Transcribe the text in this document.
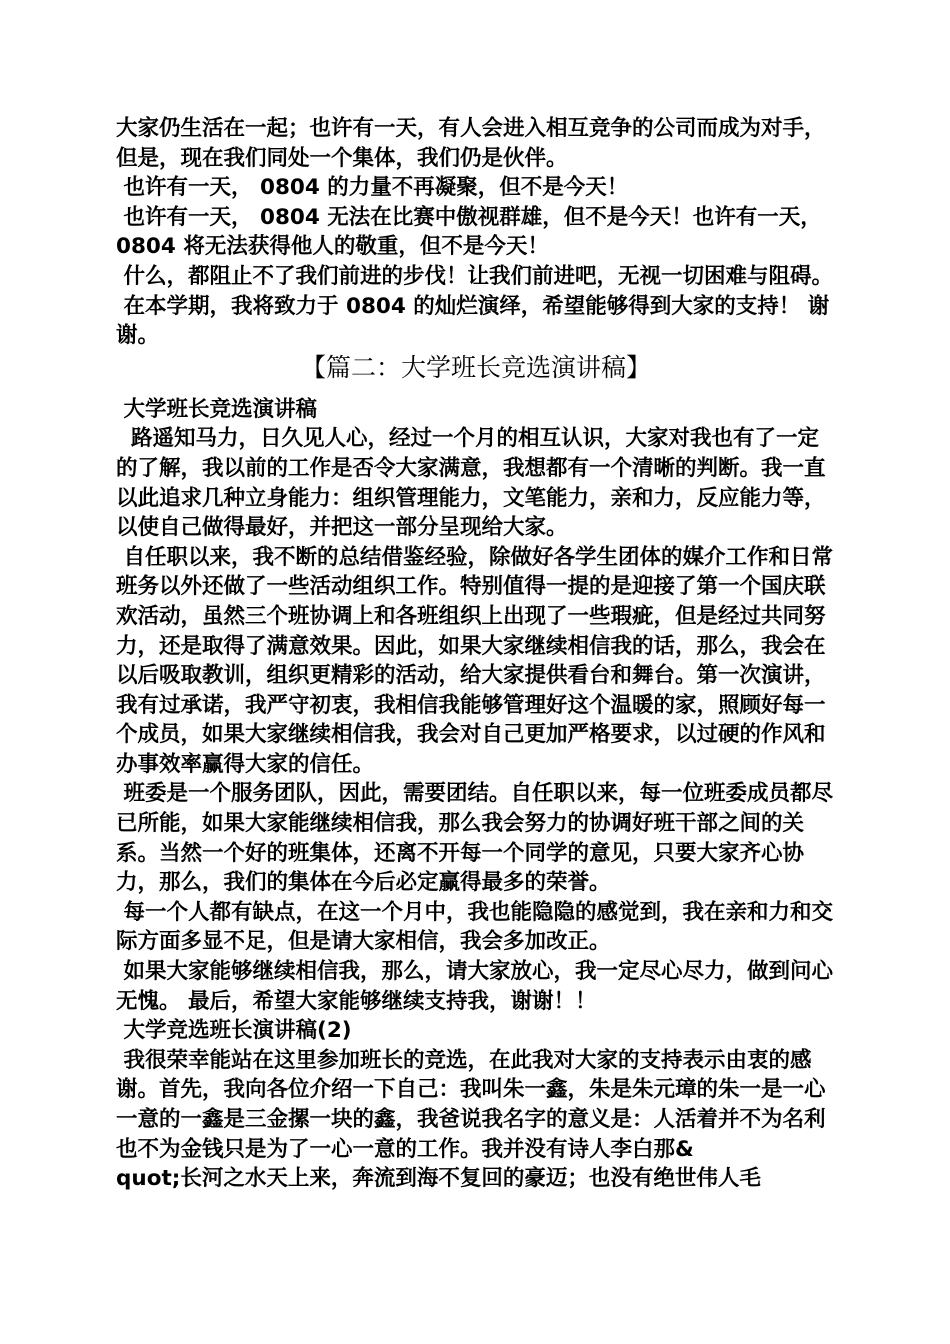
大家仍生活在一起；也许有一天，有人会进入相互竞争的公司而成为对手，但是，现在我们同处一个集体，我们仍是伙伴。

也许有一天， 0804 的力量不再凝聚，但不是今天！

也许有一天， 0804 无法在比赛中傲视群雄，但不是今天！也许有一天， 0804 将无法获得他人的敬重，但不是今天！

什么，都阻止不了我们前进的步伐！让我们前进吧，无视一切困难与阻碍。

在本学期，我将致力于 0804 的灿烂演绎，希望能够得到大家的支持！ 谢谢。

【篇二：大学班长竞选演讲稿】

大学班长竞选演讲稿

路遥知马力，日久见人心，经过一个月的相互认识，大家对我也有了一定的了解，我以前的工作是否令大家满意，我想都有一个清晰的判断。我一直以此追求几种立身能力：组织管理能力，文笔能力，亲和力，反应能力等，以使自己做得最好，并把这一部分呈现给大家。

自任职以来，我不断的总结借鉴经验，除做好各学生团体的媒介工作和日常班务以外还做了一些活动组织工作。特别值得一提的是迎接了第一个国庆联欢活动，虽然三个班协调上和各班组织上出现了一些瑕疵，但是经过共同努力，还是取得了满意效果。因此，如果大家继续相信我的话，那么，我会在以后吸取教训，组织更精彩的活动，给大家提供看台和舞台。第一次演讲，我有过承诺，我严守初衷，我相信我能够管理好这个温暖的家，照顾好每一个成员，如果大家继续相信我，我会对自己更加严格要求，以过硬的作风和办事效率赢得大家的信任。

班委是一个服务团队，因此，需要团结。自任职以来，每一位班委成员都尽已所能，如果大家能继续相信我，那么我会努力的协调好班干部之间的关系。当然一个好的班集体，还离不开每一个同学的意见，只要大家齐心协力，那么，我们的集体在今后必定赢得最多的荣誉。

每一个人都有缺点，在这一个月中，我也能隐隐的感觉到，我在亲和力和交际方面多显不足，但是请大家相信，我会多加改正。

如果大家能够继续相信我，那么，请大家放心，我一定尽心尽力，做到问心无愧。 最后，希望大家能够继续支持我，谢谢！！

大学竞选班长演讲稿(2)

我很荣幸能站在这里参加班长的竞选，在此我对大家的支持表示由衷的感谢。首先，我向各位介绍一下自己：我叫朱一鑫，朱是朱元璋的朱一是一心一意的一鑫是三金摞一块的鑫，我爸说我名字的意义是：人活着并不为名利也不为金钱只是为了一心一意的工作。我并没有诗人李白那&

quot;长河之水天上来，奔流到海不复回的豪迈；也没有绝世伟人毛
